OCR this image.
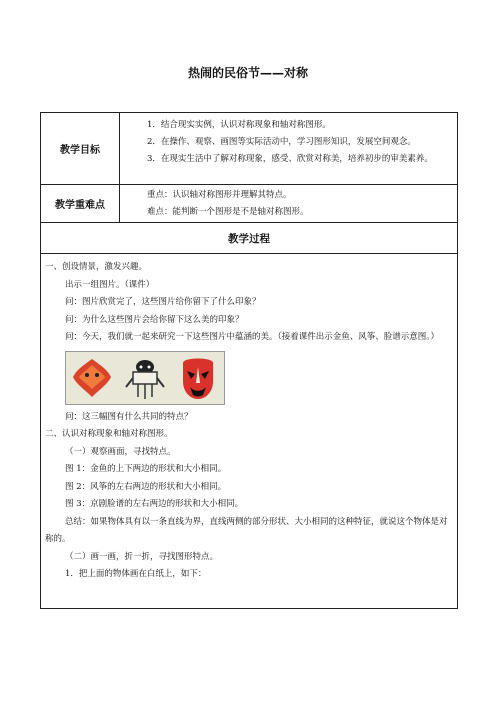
热闹的民俗节——对称
教学目标

1．结合现实实例，认识对称现象和轴对称图形。

2．在操作、观察、画图等实际活动中，学习图形知识，发展空间观念。

3．在现实生活中了解对称现象，感受、欣赏对称美，培养初步的审美素养。

教学重难点

重点：认识轴对称图形并理解其特点。

难点：能判断一个图形是不是轴对称图形。

教学过程

一、创设情景，激发兴趣。

出示一组图片。（课件）

问：图片欣赏完了，这些图片给你留下了什么印象？

问：为什么这些图片会给你留下这么美的印象？

问：今天，我们就一起来研究一下这些图片中蕴涵的美。（接着课件出示金鱼、风筝、脸谱示意图。）

问：这三幅图有什么共同的特点？

二、认识对称现象和轴对称图形。

（一）观察画面，寻找特点。

图 1：金鱼的上下两边的形状和大小相同。

图 2：风筝的左右两边的形状和大小相同。

图 3：京剧脸谱的左右两边的形状和大小相同。

总结：如果物体具有以一条直线为界，直线两侧的部分形状、大小相同的这种特征，就说这个物体是对称的。

（二）画一画，折一折，寻找图形特点。

1．把上面的物体画在白纸上，如下：
